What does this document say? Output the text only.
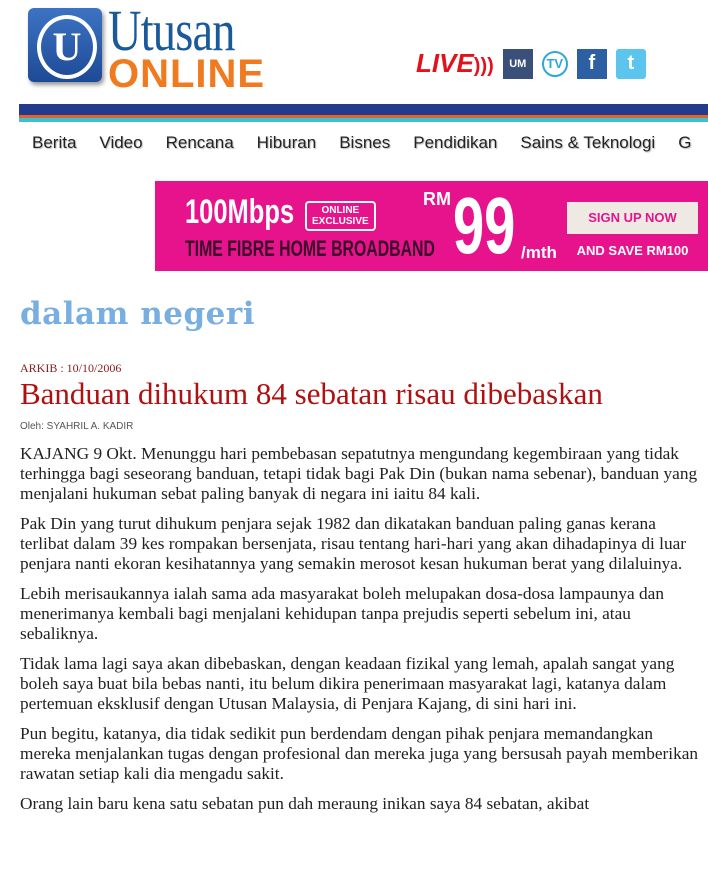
U Utusan
ONLINE	LIVE))) UM TV f t
Berita Video Rencana Hiburan Bisnes Pendidikan Sains & Teknologi G
100Mbps	ONLINE
EXCLUSIVE
TIME FIBRE HOME BROADBAND
RM 99 /mth
SIGN UP NOW
AND SAVE RM100
dalam negeri
ARKIB : 10/10/2006
Banduan dihukum 84 sebatan risau dibebaskan
Oleh: SYAHRIL A. KADIR

KAJANG 9 Okt. Menunggu hari pembebasan sepatutnya mengundang kegembiraan yang tidak terhingga bagi seseorang banduan, tetapi tidak bagi Pak Din (bukan nama sebenar), banduan yang menjalani hukuman sebat paling banyak di negara ini iaitu 84 kali.

Pak Din yang turut dihukum penjara sejak 1982 dan dikatakan banduan paling ganas kerana terlibat dalam 39 kes rompakan bersenjata, risau tentang hari-hari yang akan dihadapinya di luar penjara nanti ekoran kesihatannya yang semakin merosot kesan hukuman berat yang dilaluinya.

Lebih merisaukannya ialah sama ada masyarakat boleh melupakan dosa-dosa lampaunya dan menerimanya kembali bagi menjalani kehidupan tanpa prejudis seperti sebelum ini, atau sebaliknya.

Tidak lama lagi saya akan dibebaskan, dengan keadaan fizikal yang lemah, apalah sangat yang boleh saya buat bila bebas nanti, itu belum dikira penerimaan masyarakat lagi, katanya dalam pertemuan eksklusif dengan Utusan Malaysia, di Penjara Kajang, di sini hari ini.

Pun begitu, katanya, dia tidak sedikit pun berdendam dengan pihak penjara memandangkan mereka menjalankan tugas dengan profesional dan mereka juga yang bersusah payah memberikan rawatan setiap kali dia mengadu sakit.

Orang lain baru kena satu sebatan pun dah meraung inikan saya 84 sebatan, akibat
